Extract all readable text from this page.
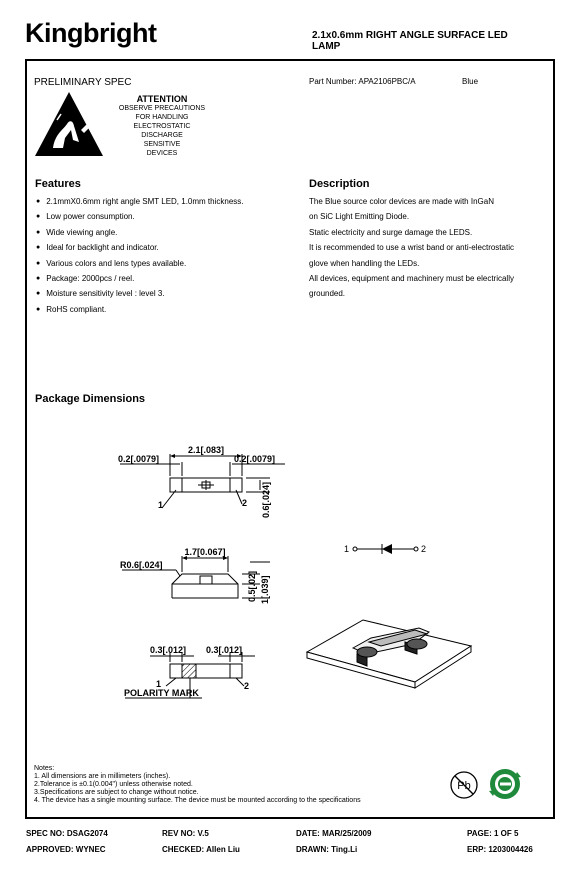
Kingbright	2.1x0.6mm RIGHT ANGLE SURFACE LED
LAMP
PRELIMINARY SPEC	Part Number: APA2106PBC/A	Blue
ATTENTION
OBSERVE PRECAUTIONS
FOR HANDLING
ELECTROSTATIC
DISCHARGE
SENSITIVE
DEVICES
Features
● 2.1mmX0.6mm right angle SMT LED, 1.0mm thickness.
● Low power consumption.
● Wide viewing angle.
● Ideal for backlight and indicator.
● Various colors and lens types available.
● Package: 2000pcs / reel.
● Moisture sensitivity level : level 3.
● RoHS compliant.
Description
The Blue source color devices are made with InGaN
on SiC Light Emitting Diode.
Static electricity and surge damage the LEDS.
It is recommended to use a wrist band or anti-electrostatic
glove when handling the LEDs.
All devices, equipment and machinery must be electrically
grounded.
Package Dimensions
2.1[.083]
0.2[.0079]	0.2[.0079]
0.6[.024]
1	2
1.7[0.067]
R0.6[.024]
0.5[.02] 1[.039]
0.3[.012] 0.3[.012]
1	2
POLARITY MARK
1	2
Notes:
1. All dimensions are in millimeters (inches).
2.Tolerance is ±0.1(0.004") unless otherwise noted.
3.Specifications are subject to change without notice.
4. The device has a single mounting surface. The device must be mounted according to the specifications
Pb
SPEC NO: DSAG2074	REV NO: V.5	DATE: MAR/25/2009	PAGE: 1 OF 5
APPROVED: WYNEC	CHECKED: Allen Liu	DRAWN: Ting.Li	ERP: 1203004426
